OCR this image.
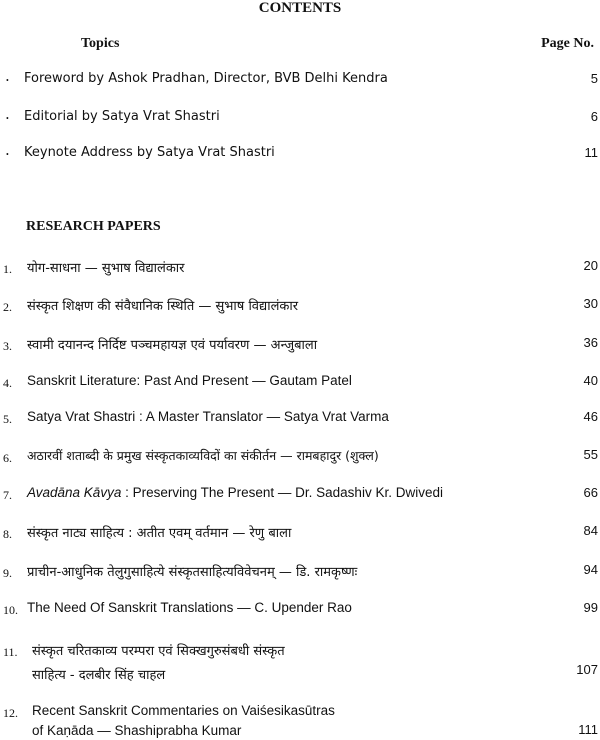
CONTENTS
Topics	Page No.
• Foreword by Ashok Pradhan, Director, BVB Delhi Kendra	5
• Editorial by Satya Vrat Shastri	6
• Keynote Address by Satya Vrat Shastri	11
RESEARCH PAPERS
1. योग-साधना — सुभाष विद्यालंकार	20
2. संस्कृत शिक्षण की संवैधानिक स्थिति — सुभाष विद्यालंकार	30
3. स्वामी दयानन्द निर्दिष्ट पञ्चमहायज्ञ एवं पर्यावरण — अन्जुबाला	36
4. Sanskrit Literature: Past And Present — Gautam Patel	40
5. Satya Vrat Shastri : A Master Translator — Satya Vrat Varma	46
6. अठारवीं शताब्दी के प्रमुख संस्कृतकाव्यविदों का संकीर्तन — रामबहादुर (शुक्ल)	55
7. Avadāna Kāvya : Preserving The Present — Dr. Sadashiv Kr. Dwivedi	66
8. संस्कृत नाट्य साहित्य : अतीत एवम् वर्तमान — रेणु बाला	84
9. प्राचीन-आधुनिक तेलुगुसाहित्ये संस्कृतसाहित्यविवेचनम् — डि. रामकृष्णः	94
10. The Need Of Sanskrit Translations — C. Upender Rao	99
11. संस्कृत चरितकाव्य परम्परा एवं सिक्खगुरुसंबधी संस्कृत
साहित्य - दलबीर सिंह चाहल	107
12. Recent Sanskrit Commentaries on Vaiśesikasūtras
of Kaṇāda — Shashiprabha Kumar	111
